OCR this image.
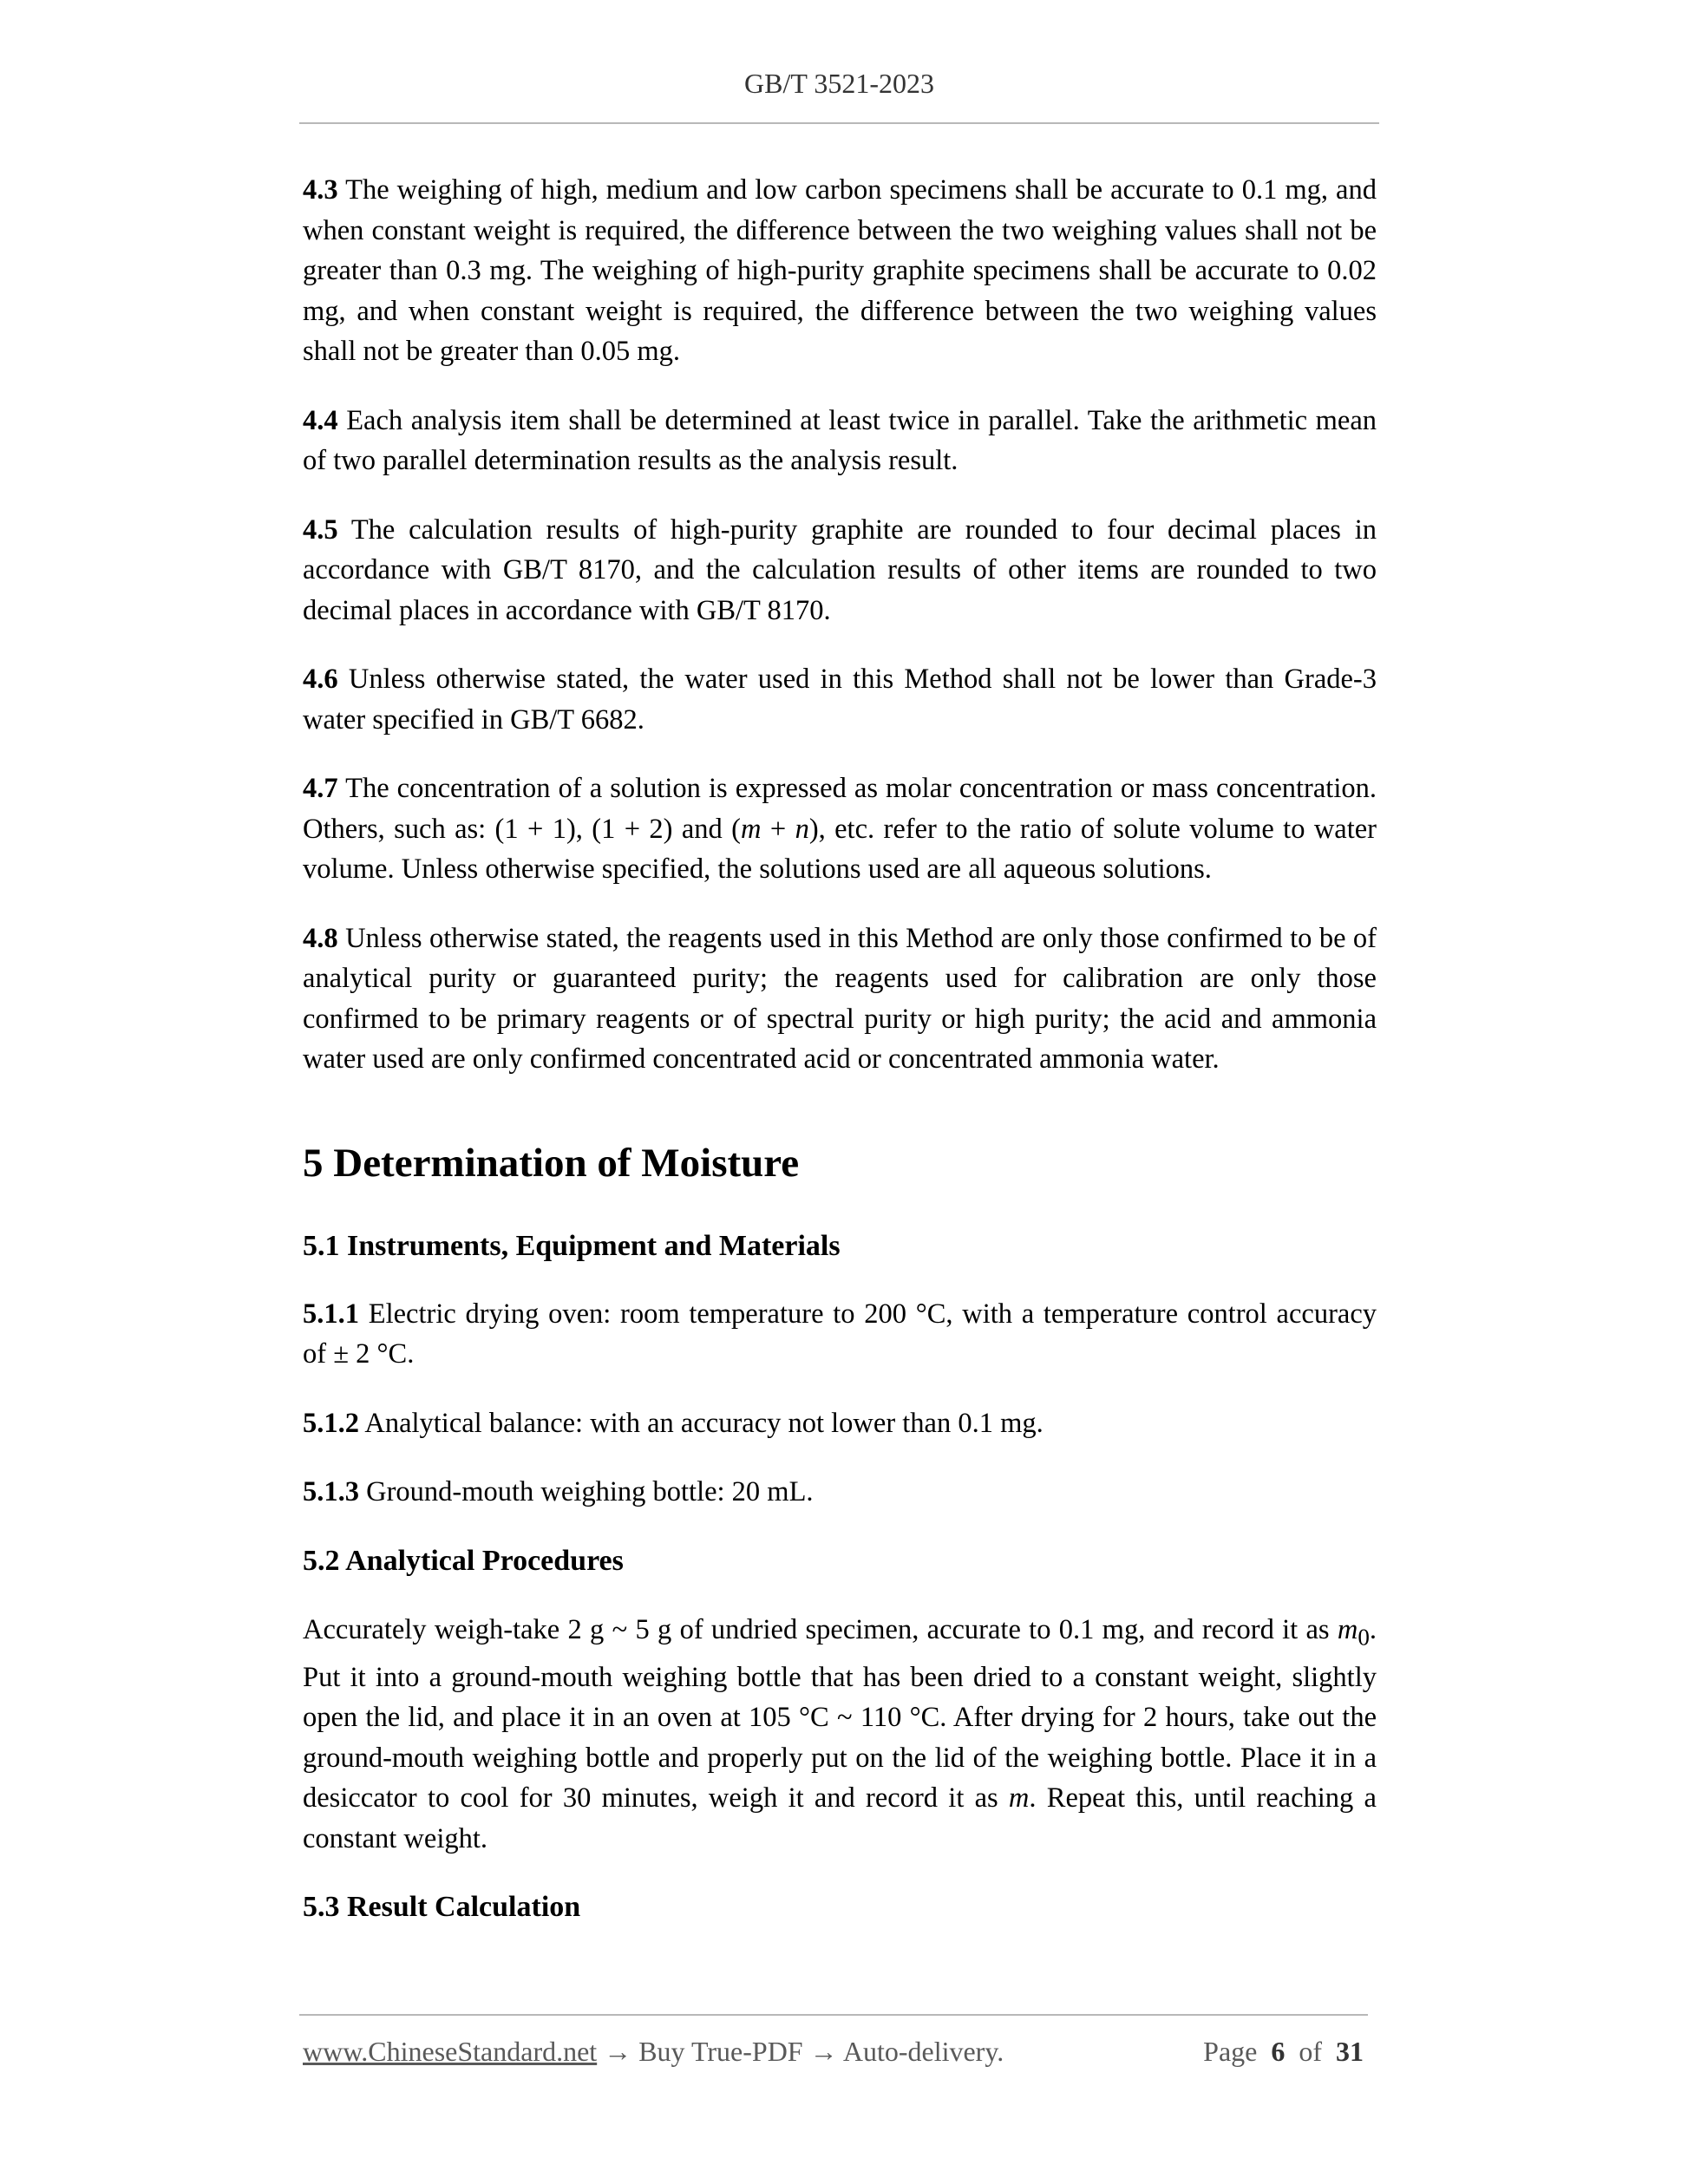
GB/T 3521-2023

4.3 The weighing of high, medium and low carbon specimens shall be accurate to 0.1 mg, and when constant weight is required, the difference between the two weighing values shall not be greater than 0.3 mg. The weighing of high-purity graphite specimens shall be accurate to 0.02 mg, and when constant weight is required, the difference between the two weighing values shall not be greater than 0.05 mg.

4.4 Each analysis item shall be determined at least twice in parallel. Take the arithmetic mean of two parallel determination results as the analysis result.

4.5 The calculation results of high-purity graphite are rounded to four decimal places in accordance with GB/T 8170, and the calculation results of other items are rounded to two decimal places in accordance with GB/T 8170.

4.6 Unless otherwise stated, the water used in this Method shall not be lower than Grade-3 water specified in GB/T 6682.

4.7 The concentration of a solution is expressed as molar concentration or mass concentration. Others, such as: (1 + 1), (1 + 2) and (m + n), etc. refer to the ratio of solute volume to water volume. Unless otherwise specified, the solutions used are all aqueous solutions.

4.8 Unless otherwise stated, the reagents used in this Method are only those confirmed to be of analytical purity or guaranteed purity; the reagents used for calibration are only those confirmed to be primary reagents or of spectral purity or high purity; the acid and ammonia water used are only confirmed concentrated acid or concentrated ammonia water.

5 Determination of Moisture
5.1 Instruments, Equipment and Materials

5.1.1 Electric drying oven: room temperature to 200 °C, with a temperature control accuracy of ± 2 °C.

5.1.2 Analytical balance: with an accuracy not lower than 0.1 mg.

5.1.3 Ground-mouth weighing bottle: 20 mL.

5.2 Analytical Procedures

Accurately weigh-take 2 g ~ 5 g of undried specimen, accurate to 0.1 mg, and record it as $m_0$. Put it into a ground-mouth weighing bottle that has been dried to a constant weight, slightly open the lid, and place it in an oven at 105 °C ~ 110 °C. After drying for 2 hours, take out the ground-mouth weighing bottle and properly put on the lid of the weighing bottle. Place it in a desiccator to cool for 30 minutes, weigh it and record it as m. Repeat this, until reaching a constant weight.

5.3 Result Calculation
www.ChineseStandard.net → Buy True-PDF → Auto-delivery.	Page 6 of 31
